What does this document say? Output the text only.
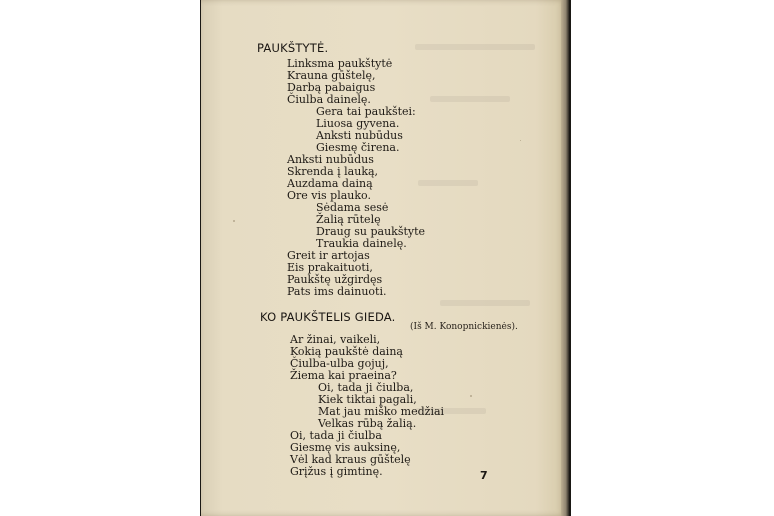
PAUKŠTYTĖ.
Linksma paukštytė
Krauna gūštelę,
Darbą pabaigus
Čiulba dainelę.
Gera tai paukštei:
Liuosa gyvena.
Anksti nubūdus
Giesmę čirena.
Anksti nubūdus
Skrenda į lauką,
Auzdama dainą
Ore vis plauko.
Sėdama sesė
Žalią rūtelę
Draug su paukštyte
Traukia dainelę.
Greit ir artojas
Eis prakaituoti,
Paukštę užgirdęs
Pats ims dainuoti.
KO PAUKŠTELIS GIEDA.
(Iš M. Konopnickienės).
Ar žinai, vaikeli,
Kokią paukštė dainą
Čiulba-ulba gojuj,
Žiema kai praeina?
Oi, tada ji čiulba,
Kiek tiktai pagali,
Mat jau miško medžiai
Velkas rūbą žalią.
Oi, tada ji čiulba
Giesmę vis auksinę,
Vėl kad kraus gūštelę
Grįžus į gimtinę.	7
